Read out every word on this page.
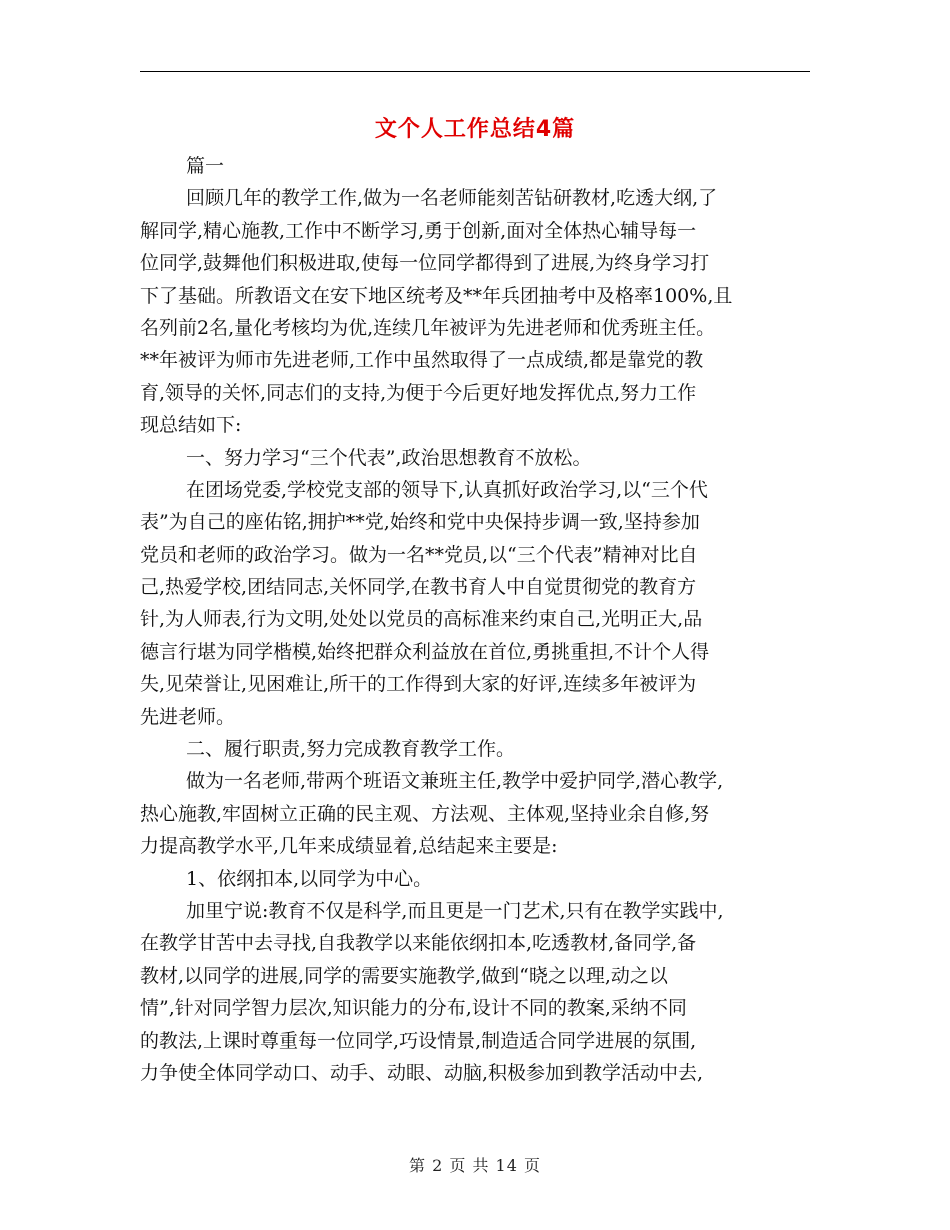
文个人工作总结4篇
篇一
回顾几年的教学工作,做为一名老师能刻苦钻研教材,吃透大纲,了
解同学,精心施教,工作中不断学习,勇于创新,面对全体热心辅导每一
位同学,鼓舞他们积极进取,使每一位同学都得到了进展,为终身学习打
下了基础。所教语文在安下地区统考及**年兵团抽考中及格率100%,且
名列前2名,量化考核均为优,连续几年被评为先进老师和优秀班主任。
**年被评为师市先进老师,工作中虽然取得了一点成绩,都是靠党的教
育,领导的关怀,同志们的支持,为便于今后更好地发挥优点,努力工作
现总结如下:
一、努力学习“三个代表”,政治思想教育不放松。
在团场党委,学校党支部的领导下,认真抓好政治学习,以“三个代
表”为自己的座佑铭,拥护**党,始终和党中央保持步调一致,坚持参加
党员和老师的政治学习。做为一名**党员,以“三个代表”精神对比自
己,热爱学校,团结同志,关怀同学,在教书育人中自觉贯彻党的教育方
针,为人师表,行为文明,处处以党员的高标准来约束自己,光明正大,品
德言行堪为同学楷模,始终把群众利益放在首位,勇挑重担,不计个人得
失,见荣誉让,见困难让,所干的工作得到大家的好评,连续多年被评为
先进老师。
二、履行职责,努力完成教育教学工作。
做为一名老师,带两个班语文兼班主任,教学中爱护同学,潜心教学,
热心施教,牢固树立正确的民主观、方法观、主体观,坚持业余自修,努
力提高教学水平,几年来成绩显着,总结起来主要是:
1、依纲扣本,以同学为中心。
加里宁说:教育不仅是科学,而且更是一门艺术,只有在教学实践中,
在教学甘苦中去寻找,自我教学以来能依纲扣本,吃透教材,备同学,备
教材,以同学的进展,同学的需要实施教学,做到“晓之以理,动之以
情”,针对同学智力层次,知识能力的分布,设计不同的教案,采纳不同
的教法,上课时尊重每一位同学,巧设情景,制造适合同学进展的氛围,
力争使全体同学动口、动手、动眼、动脑,积极参加到教学活动中去,
第 2 页 共 14 页
